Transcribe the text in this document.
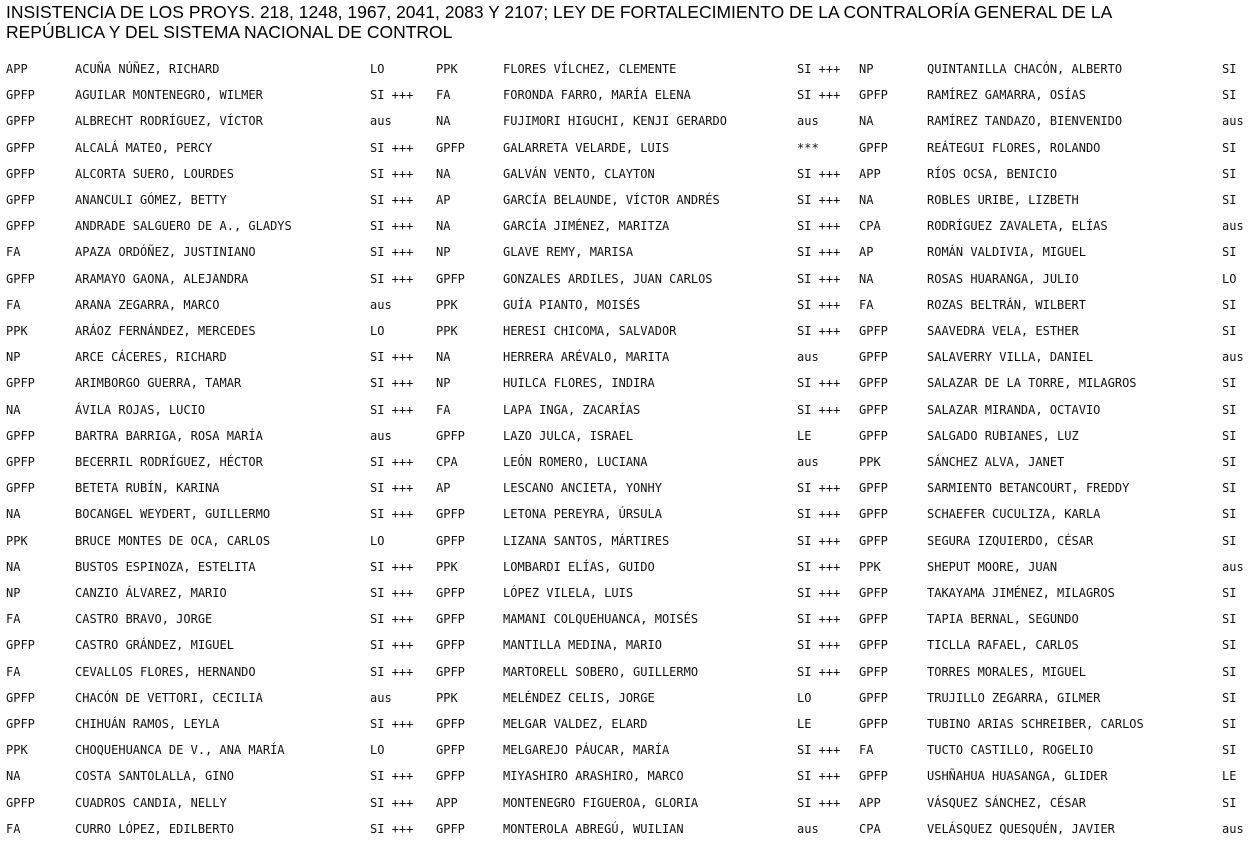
INSISTENCIA DE LOS PROYS. 218, 1248, 1967, 2041, 2083 Y 2107; LEY DE FORTALECIMIENTO DE LA CONTRALORÍA GENERAL DE LA
REPÚBLICA Y DEL SISTEMA NACIONAL DE CONTROL
APP	ACUÑA NÚÑEZ, RICHARD	LO	PPK	FLORES VÍLCHEZ, CLEMENTE	SI +++ NP	QUINTANILLA CHACÓN, ALBERTO	SI
GPFP	AGUILAR MONTENEGRO, WILMER	SI +++ FA	FORONDA FARRO, MARÍA ELENA	SI +++ GPFP	RAMÍREZ GAMARRA, OSÍAS	SI
GPFP	ALBRECHT RODRÍGUEZ, VÍCTOR	aus	NA	FUJIMORI HIGUCHI, KENJI GERARDO	aus	NA	RAMÍREZ TANDAZO, BIENVENIDO	aus
GPFP	ALCALÁ MATEO, PERCY	SI +++ GPFP	GALARRETA VELARDE, LUIS	***	GPFP	REÁTEGUI FLORES, ROLANDO	SI
GPFP	ALCORTA SUERO, LOURDES	SI +++ NA	GALVÁN VENTO, CLAYTON	SI +++ APP	RÍOS OCSA, BENICIO	SI
GPFP	ANANCULI GÓMEZ, BETTY	SI +++ AP	GARCÍA BELAUNDE, VÍCTOR ANDRÉS	SI +++ NA	ROBLES URIBE, LIZBETH	SI
GPFP	ANDRADE SALGUERO DE A., GLADYS	SI +++ NA	GARCÍA JIMÉNEZ, MARITZA	SI +++ CPA	RODRÍGUEZ ZAVALETA, ELÍAS	aus
FA	APAZA ORDÓÑEZ, JUSTINIANO	SI +++ NP	GLAVE REMY, MARISA	SI +++ AP	ROMÁN VALDIVIA, MIGUEL	SI
GPFP	ARAMAYO GAONA, ALEJANDRA	SI +++ GPFP	GONZALES ARDILES, JUAN CARLOS	SI +++ NA	ROSAS HUARANGA, JULIO	LO
FA	ARANA ZEGARRA, MARCO	aus	PPK	GUÍA PIANTO, MOISÉS	SI +++ FA	ROZAS BELTRÁN, WILBERT	SI
PPK	ARÁOZ FERNÁNDEZ, MERCEDES	LO	PPK	HERESI CHICOMA, SALVADOR	SI +++ GPFP	SAAVEDRA VELA, ESTHER	SI
NP	ARCE CÁCERES, RICHARD	SI +++ NA	HERRERA ARÉVALO, MARITA	aus	GPFP	SALAVERRY VILLA, DANIEL	aus
GPFP	ARIMBORGO GUERRA, TAMAR	SI +++ NP	HUILCA FLORES, INDIRA	SI +++ GPFP	SALAZAR DE LA TORRE, MILAGROS	SI
NA	ÁVILA ROJAS, LUCIO	SI +++ FA	LAPA INGA, ZACARÍAS	SI +++ GPFP	SALAZAR MIRANDA, OCTAVIO	SI
GPFP	BARTRA BARRIGA, ROSA MARÍA	aus	GPFP	LAZO JULCA, ISRAEL	LE	GPFP	SALGADO RUBIANES, LUZ	SI
GPFP	BECERRIL RODRÍGUEZ, HÉCTOR	SI +++ CPA	LEÓN ROMERO, LUCIANA	aus	PPK	SÁNCHEZ ALVA, JANET	SI
GPFP	BETETA RUBÍN, KARINA	SI +++ AP	LESCANO ANCIETA, YONHY	SI +++ GPFP	SARMIENTO BETANCOURT, FREDDY	SI
NA	BOCANGEL WEYDERT, GUILLERMO	SI +++ GPFP	LETONA PEREYRA, ÚRSULA	SI +++ GPFP	SCHAEFER CUCULIZA, KARLA	SI
PPK	BRUCE MONTES DE OCA, CARLOS	LO	GPFP	LIZANA SANTOS, MÁRTIRES	SI +++ GPFP	SEGURA IZQUIERDO, CÉSAR	SI
NA	BUSTOS ESPINOZA, ESTELITA	SI +++ PPK	LOMBARDI ELÍAS, GUIDO	SI +++ PPK	SHEPUT MOORE, JUAN	aus
NP	CANZIO ÁLVAREZ, MARIO	SI +++ GPFP	LÓPEZ VILELA, LUIS	SI +++ GPFP	TAKAYAMA JIMÉNEZ, MILAGROS	SI
FA	CASTRO BRAVO, JORGE	SI +++ GPFP	MAMANI COLQUEHUANCA, MOISÉS	SI +++ GPFP	TAPIA BERNAL, SEGUNDO	SI
GPFP	CASTRO GRÁNDEZ, MIGUEL	SI +++ GPFP	MANTILLA MEDINA, MARIO	SI +++ GPFP	TICLLA RAFAEL, CARLOS	SI
FA	CEVALLOS FLORES, HERNANDO	SI +++ GPFP	MARTORELL SOBERO, GUILLERMO	SI +++ GPFP	TORRES MORALES, MIGUEL	SI
GPFP	CHACÓN DE VETTORI, CECILIA	aus	PPK	MELÉNDEZ CELIS, JORGE	LO	GPFP	TRUJILLO ZEGARRA, GILMER	SI
GPFP	CHIHUÁN RAMOS, LEYLA	SI +++ GPFP	MELGAR VALDEZ, ELARD	LE	GPFP	TUBINO ARIAS SCHREIBER, CARLOS	SI
PPK	CHOQUEHUANCA DE V., ANA MARÍA	LO	GPFP	MELGAREJO PÁUCAR, MARÍA	SI +++ FA	TUCTO CASTILLO, ROGELIO	SI
NA	COSTA SANTOLALLA, GINO	SI +++ GPFP	MIYASHIRO ARASHIRO, MARCO	SI +++ GPFP	USHÑAHUA HUASANGA, GLIDER	LE
GPFP	CUADROS CANDIA, NELLY	SI +++ APP	MONTENEGRO FIGUEROA, GLORIA	SI +++ APP	VÁSQUEZ SÁNCHEZ, CÉSAR	SI
FA	CURRO LÓPEZ, EDILBERTO	SI +++ GPFP	MONTEROLA ABREGÚ, WUILIAN	aus	CPA	VELÁSQUEZ QUESQUÉN, JAVIER	aus
